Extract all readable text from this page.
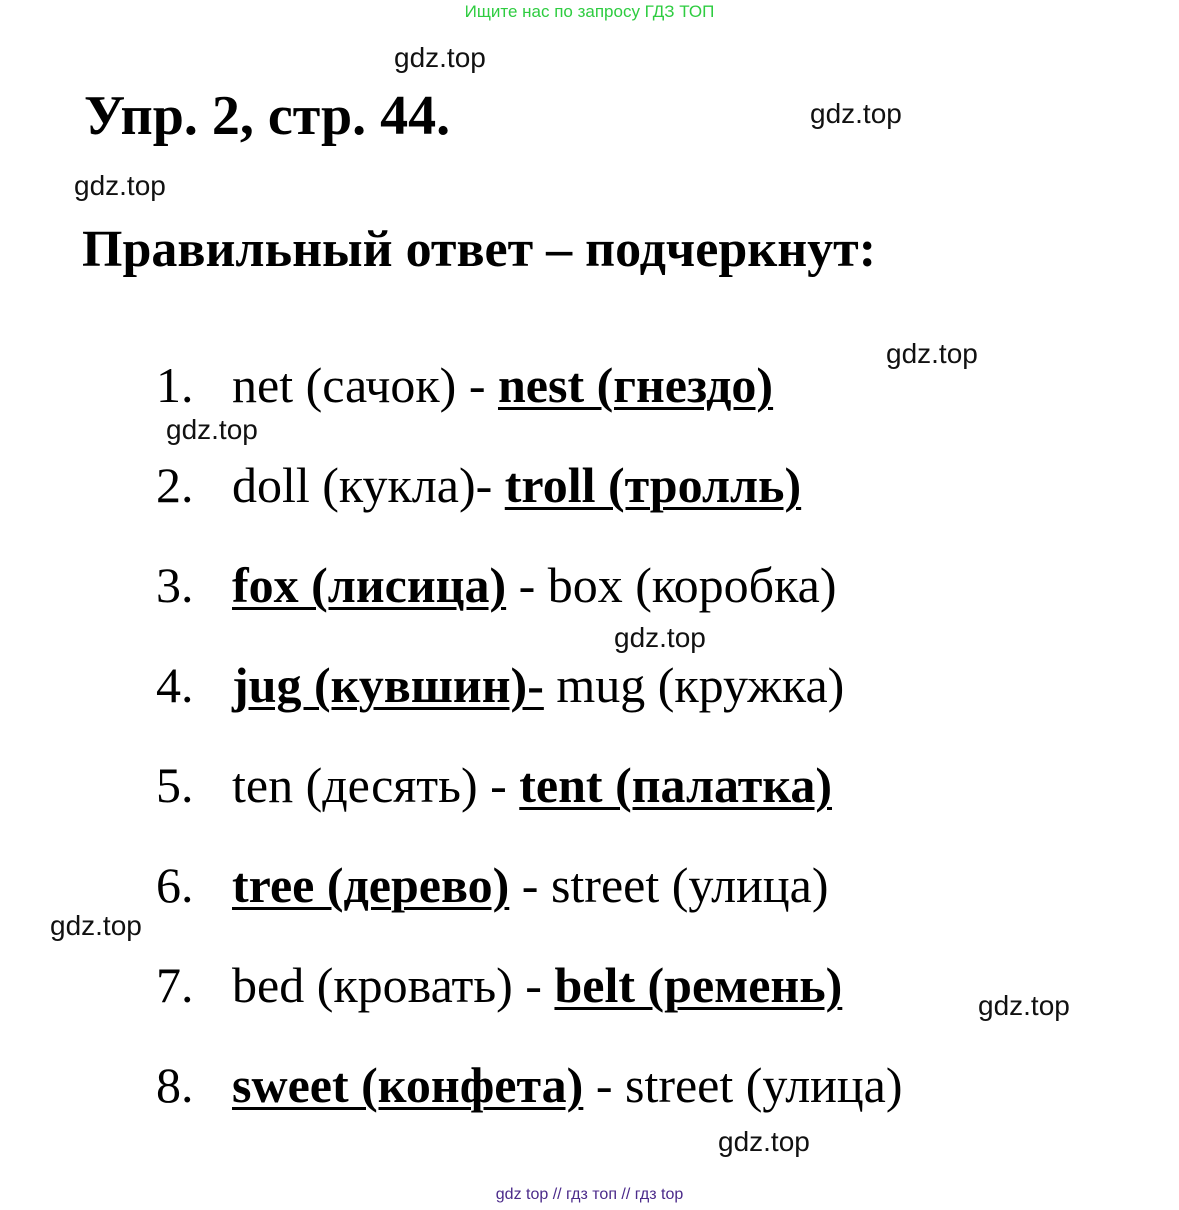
Ищите нас по запросу ГДЗ ТОП
gdz.top
gdz.top
gdz.top
gdz.top
gdz.top
gdz.top
gdz.top
gdz.top
gdz.top
Упр. 2, стр. 44.
Правильный ответ – подчеркнут:
1. net (сачок) - nest (гнездо)
2. doll (кукла)- troll (тролль)
3. fox (лисица) - box (коробка)
4. jug (кувшин)- mug (кружка)
5. ten (десять) - tent (палатка)
6. tree (дерево) - street (улица)
7. bed (кровать) - belt (ремень)
8. sweet (конфета) - street (улица)
gdz top // гдз топ // гдз top
